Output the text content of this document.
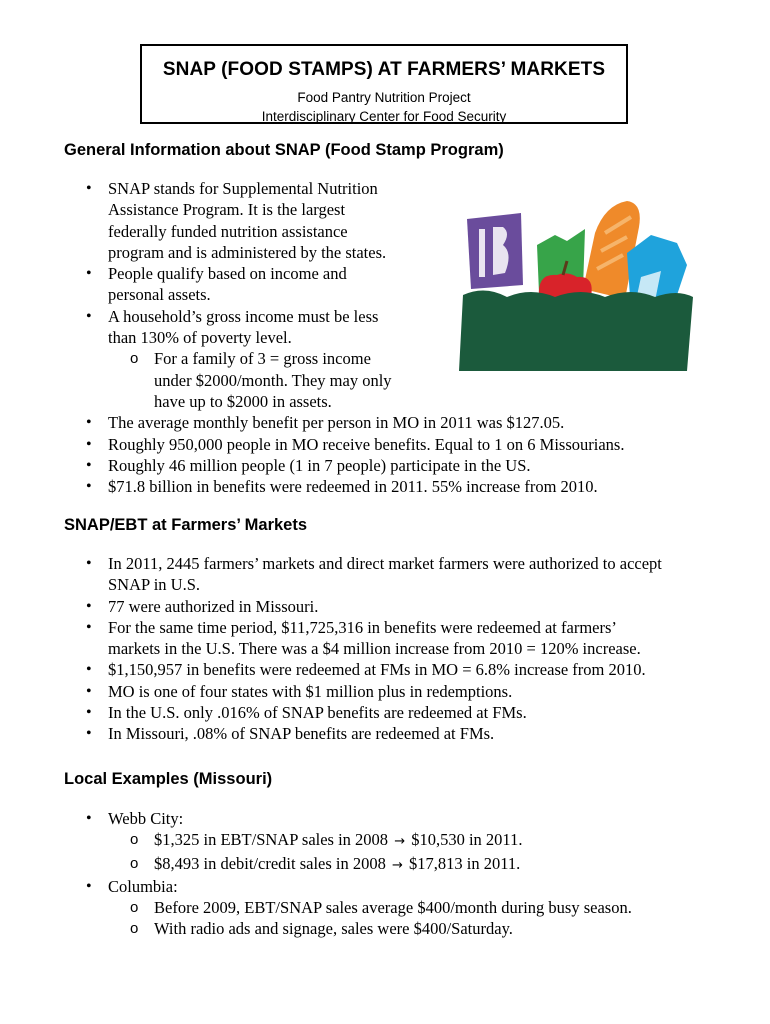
SNAP (FOOD STAMPS) AT FARMERS’ MARKETS
Food Pantry Nutrition Project
Interdisciplinary Center for Food Security
General Information about SNAP (Food Stamp Program)
• SNAP stands for Supplemental Nutrition
Assistance Program. It is the largest
federally funded nutrition assistance
program and is administered by the states.
• People qualify based on income and
personal assets.
• A household’s gross income must be less
than 130% of poverty level.
o For a family of 3 = gross income
under $2000/month. They may only
have up to $2000 in assets.
• The average monthly benefit per person in MO in 2011 was $127.05.
• Roughly 950,000 people in MO receive benefits. Equal to 1 on 6 Missourians.
• Roughly 46 million people (1 in 7 people) participate in the US.
• $71.8 billion in benefits were redeemed in 2011. 55% increase from 2010.
SNAP/EBT at Farmers’ Markets
• In 2011, 2445 farmers’ markets and direct market farmers were authorized to accept
SNAP in U.S.
• 77 were authorized in Missouri.
• For the same time period, $11,725,316 in benefits were redeemed at farmers’
markets in the U.S. There was a $4 million increase from 2010 = 120% increase.
• $1,150,957 in benefits were redeemed at FMs in MO = 6.8% increase from 2010.
• MO is one of four states with $1 million plus in redemptions.
• In the U.S. only .016% of SNAP benefits are redeemed at FMs.
• In Missouri, .08% of SNAP benefits are redeemed at FMs.
Local Examples (Missouri)
• Webb City:
o $1,325 in EBT/SNAP sales in 2008 → $10,530 in 2011.
o $8,493 in debit/credit sales in 2008 → $17,813 in 2011.
• Columbia:
o Before 2009, EBT/SNAP sales average $400/month during busy season.
o With radio ads and signage, sales were $400/Saturday.
